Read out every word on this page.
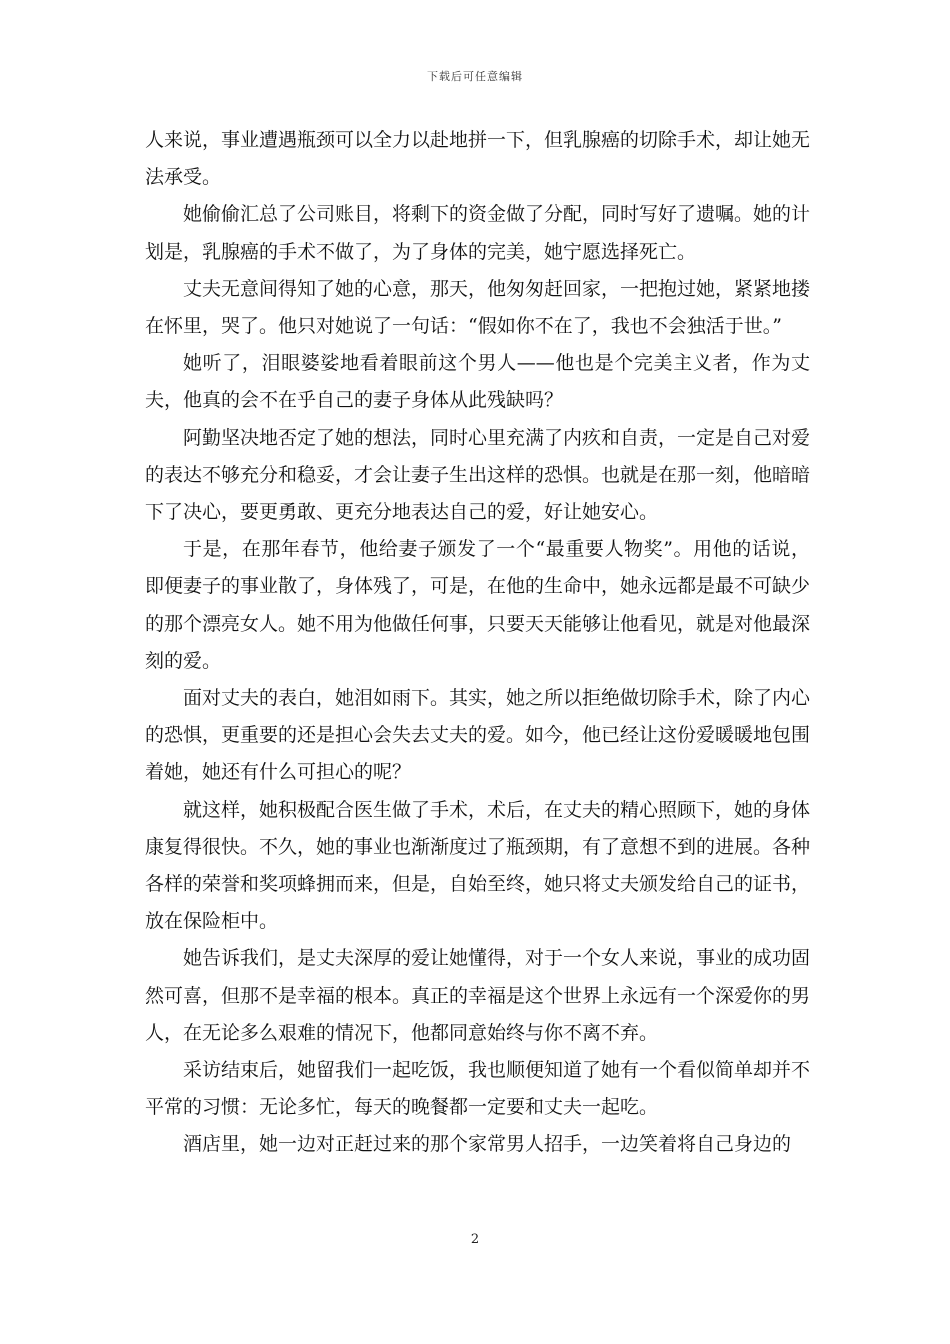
下载后可任意编辑

人来说，事业遭遇瓶颈可以全力以赴地拼一下，但乳腺癌的切除手术，却让她无法承受。

她偷偷汇总了公司账目，将剩下的资金做了分配，同时写好了遗嘱。她的计划是，乳腺癌的手术不做了，为了身体的完美，她宁愿选择死亡。

丈夫无意间得知了她的心意，那天，他匆匆赶回家，一把抱过她，紧紧地搂在怀里，哭了。他只对她说了一句话：“假如你不在了，我也不会独活于世。”

她听了，泪眼婆娑地看着眼前这个男人——他也是个完美主义者，作为丈夫，他真的会不在乎自己的妻子身体从此残缺吗？

阿勤坚决地否定了她的想法，同时心里充满了内疚和自责，一定是自己对爱的表达不够充分和稳妥，才会让妻子生出这样的恐惧。也就是在那一刻，他暗暗下了决心，要更勇敢、更充分地表达自己的爱，好让她安心。

于是，在那年春节，他给妻子颁发了一个“最重要人物奖”。用他的话说，即便妻子的事业散了，身体残了，可是，在他的生命中，她永远都是最不可缺少的那个漂亮女人。她不用为他做任何事，只要天天能够让他看见，就是对他最深刻的爱。

面对丈夫的表白，她泪如雨下。其实，她之所以拒绝做切除手术，除了内心的恐惧，更重要的还是担心会失去丈夫的爱。如今，他已经让这份爱暖暖地包围着她，她还有什么可担心的呢？

就这样，她积极配合医生做了手术，术后，在丈夫的精心照顾下，她的身体康复得很快。不久，她的事业也渐渐度过了瓶颈期，有了意想不到的进展。各种各样的荣誉和奖项蜂拥而来，但是，自始至终，她只将丈夫颁发给自己的证书，放在保险柜中。

她告诉我们，是丈夫深厚的爱让她懂得，对于一个女人来说，事业的成功固然可喜，但那不是幸福的根本。真正的幸福是这个世界上永远有一个深爱你的男人，在无论多么艰难的情况下，他都同意始终与你不离不弃。

采访结束后，她留我们一起吃饭，我也顺便知道了她有一个看似简单却并不平常的习惯：无论多忙，每天的晚餐都一定要和丈夫一起吃。

酒店里，她一边对正赶过来的那个家常男人招手，一边笑着将自己身边的

2
